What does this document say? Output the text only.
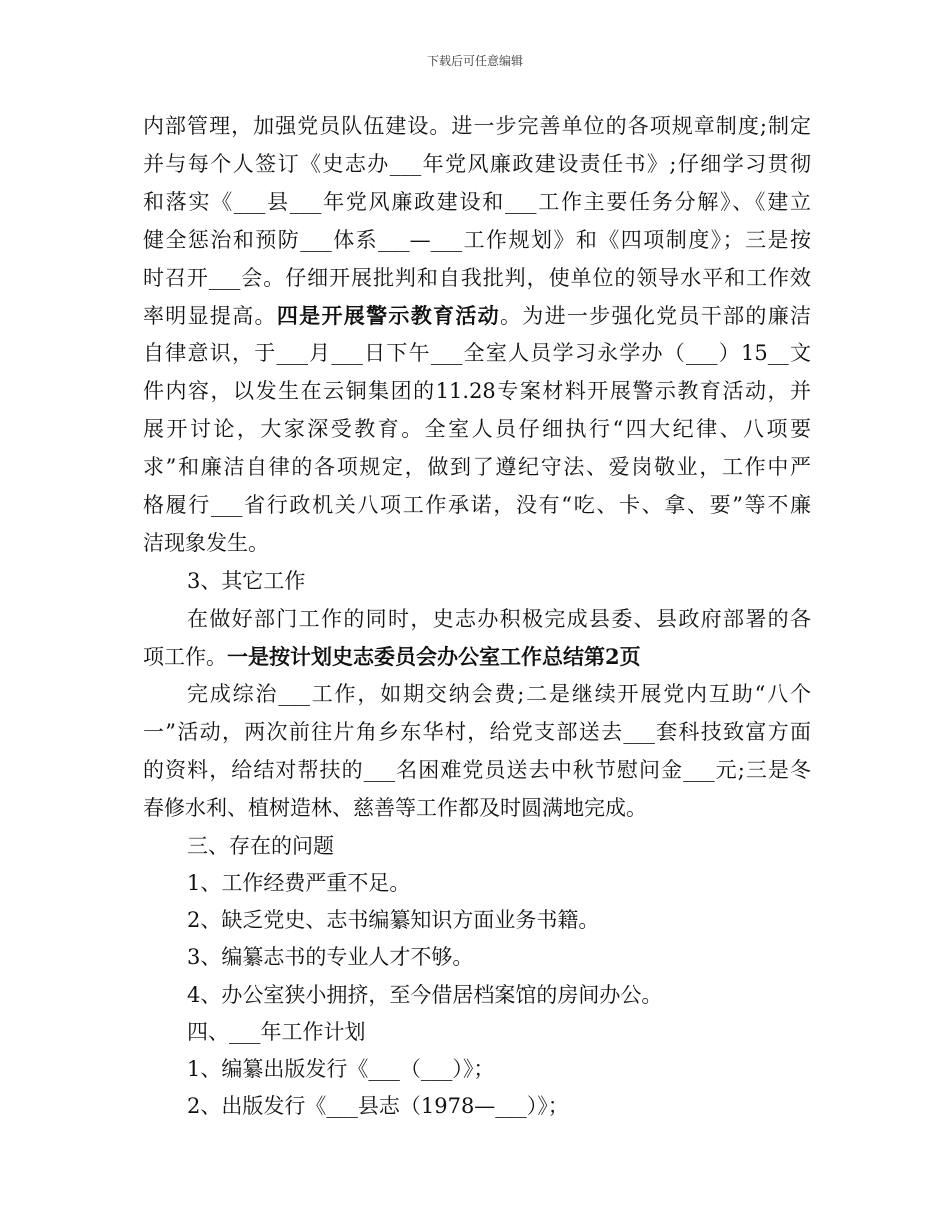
下载后可任意编辑
内部管理，加强党员队伍建设。进一步完善单位的各项规章制度;制定
并与每个人签订《史志办___年党风廉政建设责任书》;仔细学习贯彻
和落实《___县___年党风廉政建设和___工作主要任务分解》、《建立
健全惩治和预防___体系___—___工作规划》和《四项制度》；三是按
时召开___会。仔细开展批判和自我批判，使单位的领导水平和工作效
率明显提高。四是开展警示教育活动。为进一步强化党员干部的廉洁
自律意识，于___月___日下午___全室人员学习永学办（___）15__文
件内容，以发生在云铜集团的11.28专案材料开展警示教育活动，并
展开讨论，大家深受教育。全室人员仔细执行“四大纪律、八项要
求”和廉洁自律的各项规定，做到了遵纪守法、爱岗敬业，工作中严
格履行___省行政机关八项工作承诺，没有“吃、卡、拿、要”等不廉
洁现象发生。
3、其它工作
在做好部门工作的同时，史志办积极完成县委、县政府部署的各
项工作。一是按计划史志委员会办公室工作总结第2页
完成综治___工作，如期交纳会费;二是继续开展党内互助“八个
一”活动，两次前往片角乡东华村，给党支部送去___套科技致富方面
的资料，给结对帮扶的___名困难党员送去中秋节慰问金___元;三是冬
春修水利、植树造林、慈善等工作都及时圆满地完成。
三、存在的问题
1、工作经费严重不足。
2、缺乏党史、志书编纂知识方面业务书籍。
3、编纂志书的专业人才不够。
4、办公室狭小拥挤，至今借居档案馆的房间办公。
四、___年工作计划
1、编纂出版发行《___（___）》；
2、出版发行《___县志（1978—___）》；
